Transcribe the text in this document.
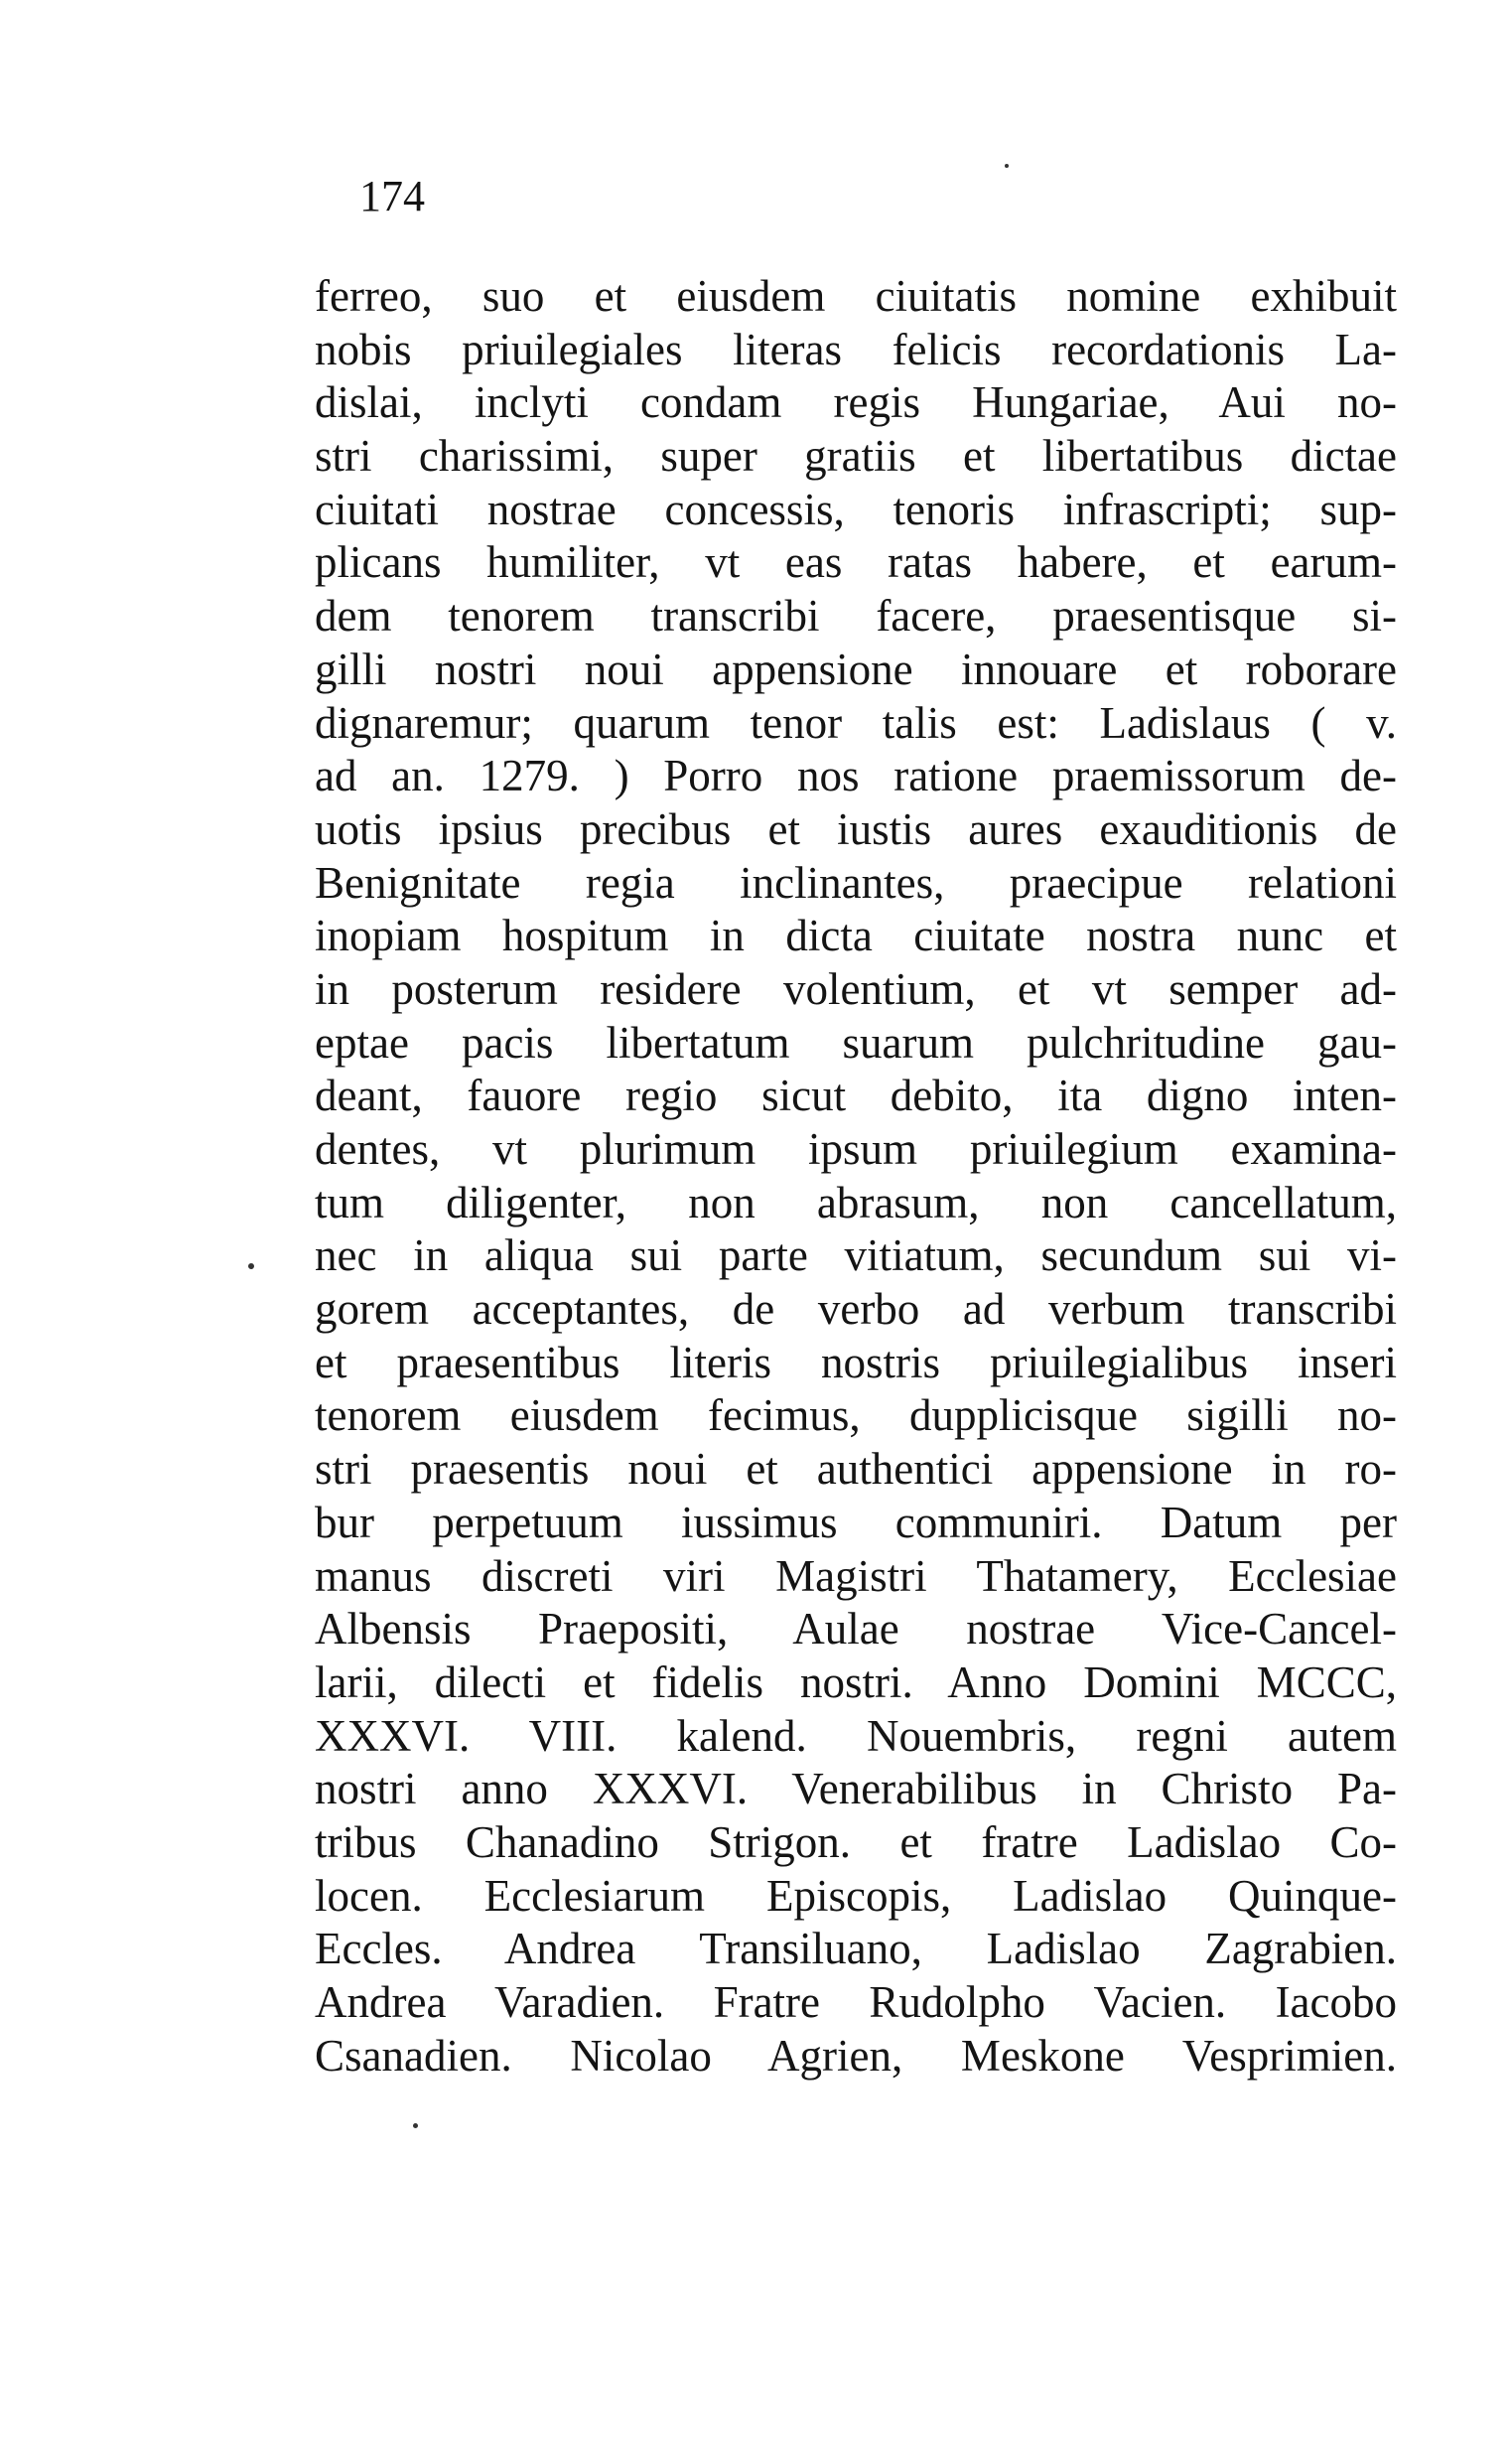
174
ferreo, suo et eiusdem ciuitatis nomine exhibuit
nobis priuilegiales literas felicis recordationis La-
dislai, inclyti condam regis Hungariae, Aui no-
stri charissimi, super gratiis et libertatibus dictae
ciuitati nostrae concessis, tenoris infrascripti; sup-
plicans humiliter, vt eas ratas habere, et earum-
dem tenorem transcribi facere, praesentisque si-
gilli nostri noui appensione innouare et roborare
dignaremur; quarum tenor talis est: Ladislaus ( v.
ad an. 1279. ) Porro nos ratione praemissorum de-
uotis ipsius precibus et iustis aures exauditionis de
Benignitate regia inclinantes, praecipue relationi
inopiam hospitum in dicta ciuitate nostra nunc et
in posterum residere volentium, et vt semper ad-
eptae pacis libertatum suarum pulchritudine gau-
deant, fauore regio sicut debito, ita digno inten-
dentes, vt plurimum ipsum priuilegium examina-
tum diligenter, non abrasum, non cancellatum,
nec in aliqua sui parte vitiatum, secundum sui vi-
gorem acceptantes, de verbo ad verbum transcribi
et praesentibus literis nostris priuilegialibus inseri
tenorem eiusdem fecimus, dupplicisque sigilli no-
stri praesentis noui et authentici appensione in ro-
bur perpetuum iussimus communiri. Datum per
manus discreti viri Magistri Thatamery, Ecclesiae
Albensis Praepositi, Aulae nostrae Vice-Cancel-
larii, dilecti et fidelis nostri. Anno Domini MCCC,
XXXVI. VIII. kalend. Nouembris, regni autem
nostri anno XXXVI. Venerabilibus in Christo Pa-
tribus Chanadino Strigon. et fratre Ladislao Co-
locen. Ecclesiarum Episcopis, Ladislao Quinque-
Eccles. Andrea Transiluano, Ladislao Zagrabien.
Andrea Varadien. Fratre Rudolpho Vacien. Iacobo
Csanadien. Nicolao Agrien, Meskone Vesprimien.
